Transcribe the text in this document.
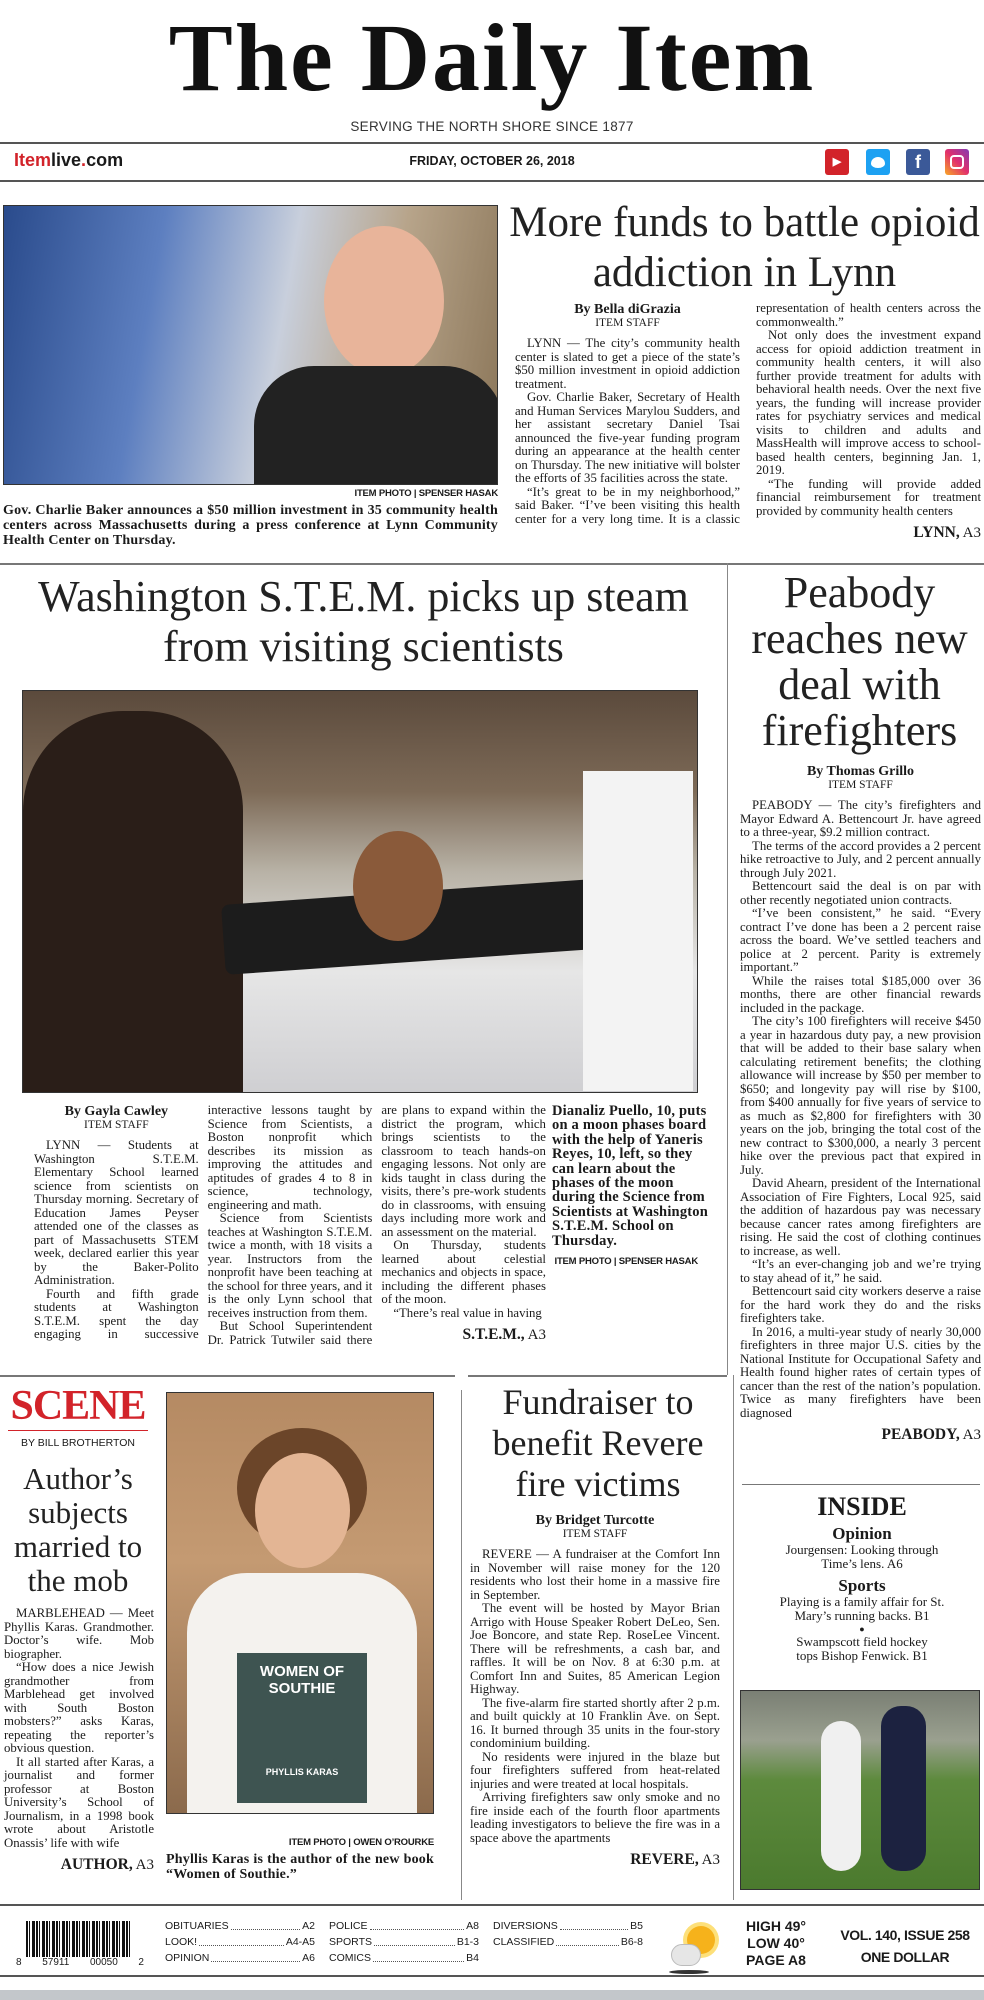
The Daily Item
SERVING THE NORTH SHORE SINCE 1877
Itemlive.com	FRIDAY, OCTOBER 26, 2018	▶	f

ITEM PHOTO | SPENSER HASAK
Gov. Charlie Baker announces a $50 million investment in 35 community health centers across Massachusetts during a press conference at Lynn Community Health Center on Thursday.
More funds to battle opioid addiction in Lynn
By Bella diGrazia
ITEM STAFF

LYNN — The city’s community health center is slated to get a piece of the state’s $50 million investment in opioid addiction treatment.

Gov. Charlie Baker, Secretary of Health and Human Services Marylou Sudders, and her assistant secretary Daniel Tsai announced the five-year funding program during an appearance at the health center on Thursday. The new initiative will bolster the efforts of 35 facilities across the state.

“It’s great to be in my neighborhood,” said Baker. “I’ve been visiting this health center for a very long time. It is a classic representation of health centers across the commonwealth.”

Not only does the investment expand access for opioid addiction treatment in community health centers, it will also further provide treatment for adults with behavioral health needs. Over the next five years, the funding will increase provider rates for psychiatry services and medical visits to children and adults and MassHealth will improve access to school-based health centers, beginning Jan. 1, 2019.

“The funding will provide added financial reimbursement for treatment provided by community health centers

LYNN, A3
Washington S.T.E.M. picks up steam from visiting scientists
By Gayla Cawley
ITEM STAFF

LYNN — Students at Washington S.T.E.M. Elementary School learned science from scientists on Thursday morning. Secretary of Education James Peyser attended one of the classes as part of Massachusetts STEM week, declared earlier this year by the Baker-Polito Administration.

Fourth and fifth grade students at Washington S.T.E.M. spent the day engaging in successive interactive lessons taught by Science from Scientists, a Boston nonprofit which describes its mission as improving the attitudes and aptitudes of grades 4 to 8 in science, technology, engineering and math.

Science from Scientists teaches at Washington S.T.E.M. twice a month, with 18 visits a year. Instructors from the nonprofit have been teaching at the school for three years, and it is the only Lynn school that receives instruction from them.

But School Superintendent Dr. Patrick Tutwiler said there are plans to expand within the district the program, which brings scientists to the classroom to teach hands-on engaging lessons. Not only are kids taught in class during the visits, there’s pre-work students do in classrooms, with ensuing days including more work and an assessment on the material.

On Thursday, students learned about celestial mechanics and objects in space, including the different phases of the moon.

“There’s real value in having

S.T.E.M., A3
Dianaliz Puello, 10, puts on a moon phases board with the help of Yaneris Reyes, 10, left, so they can learn about the phases of the moon during the Science from Scientists at Washington S.T.E.M. School on Thursday.
ITEM PHOTO | SPENSER HASAK
Peabody reaches new deal with firefighters
By Thomas Grillo
ITEM STAFF

PEABODY — The city’s firefighters and Mayor Edward A. Bettencourt Jr. have agreed to a three-year, $9.2 million contract.

The terms of the accord provides a 2 percent hike retroactive to July, and 2 percent annually through July 2021.

Bettencourt said the deal is on par with other recently negotiated union contracts.

“I’ve been consistent,” he said. “Every contract I’ve done has been a 2 percent raise across the board. We’ve settled teachers and police at 2 percent. Parity is extremely important.”

While the raises total $185,000 over 36 months, there are other financial rewards included in the package.

The city’s 100 firefighters will receive $450 a year in hazardous duty pay, a new provision that will be added to their base salary when calculating retirement benefits; the clothing allowance will increase by $50 per member to $650; and longevity pay will rise by $100, from $400 annually for five years of service to as much as $2,800 for firefighters with 30 years on the job, bringing the total cost of the new contract to $300,000, a nearly 3 percent hike over the previous pact that expired in July.

David Ahearn, president of the International Association of Fire Fighters, Local 925, said the addition of hazardous pay was necessary because cancer rates among firefighters are rising. He said the cost of clothing continues to increase, as well.

“It’s an ever-changing job and we’re trying to stay ahead of it,” he said.

Bettencourt said city workers deserve a raise for the hard work they do and the risks firefighters take.

In 2016, a multi-year study of nearly 30,000 firefighters in three major U.S. cities by the National Institute for Occupational Safety and Health found higher rates of certain types of cancer than the rest of the nation’s population. Twice as many firefighters have been diagnosed

PEABODY, A3
INSIDE
Opinion
Jourgensen: Looking through Time’s lens. A6
Sports
Playing is a family affair for St. Mary’s running backs. B1
●
Swampscott field hockey tops Bishop Fenwick. B1
SCENE
BY BILL BROTHERTON
Author’s subjects married to the mob

MARBLEHEAD — Meet Phyllis Karas. Grandmother. Doctor’s wife. Mob biographer.

“How does a nice Jewish grandmother from Marblehead get involved with South Boston mobsters?” asks Karas, repeating the reporter’s obvious question.

It all started after Karas, a journalist and former professor at Boston University’s School of Journalism, in a 1998 book wrote about Aristotle Onassis’ life with wife

AUTHOR, A3
WOMEN OF SOUTHIE
PHYLLIS KARAS
ITEM PHOTO | OWEN O’ROURKE
Phyllis Karas is the author of the new book “Women of Southie.”
Fundraiser to benefit Revere fire victims
By Bridget Turcotte
ITEM STAFF

REVERE — A fundraiser at the Comfort Inn in November will raise money for the 120 residents who lost their home in a massive fire in September.

The event will be hosted by Mayor Brian Arrigo with House Speaker Robert DeLeo, Sen. Joe Boncore, and state Rep. RoseLee Vincent. There will be refreshments, a cash bar, and raffles. It will be on Nov. 8 at 6:30 p.m. at Comfort Inn and Suites, 85 American Legion Highway.

The five-alarm fire started shortly after 2 p.m. and built quickly at 10 Franklin Ave. on Sept. 16. It burned through 35 units in the four-story condominium building.

No residents were injured in the blaze but four firefighters suffered from heat-related injuries and were treated at local hospitals.

Arriving firefighters saw only smoke and no fire inside each of the fourth floor apartments leading investigators to believe the fire was in a space above the apartments

REVERE, A3
8 57911 00050 2
OBITUARIES	A2
LOOK!	A4-A5
OPINION	A6
POLICE	A8
SPORTS	B1-3
COMICS	B4
DIVERSIONS	B5
CLASSIFIED	B6-8
HIGH 49°
LOW 40°
PAGE A8
VOL. 140, ISSUE 258
ONE DOLLAR
